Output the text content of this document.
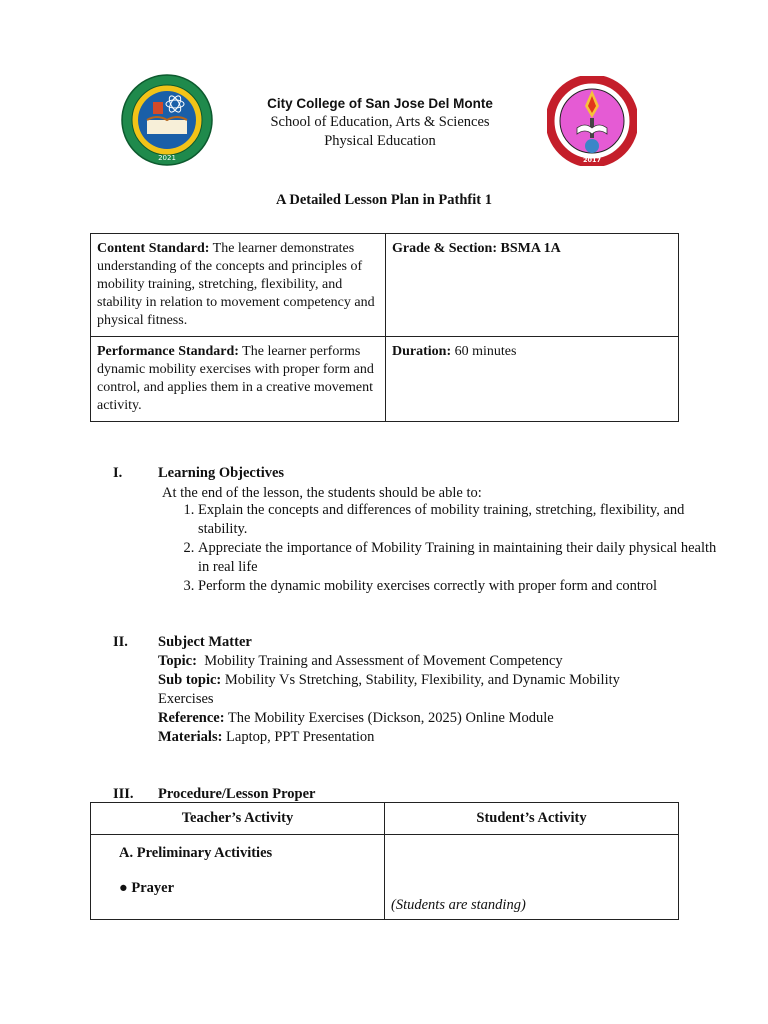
2021	2017
City College of San Jose Del Monte
School of Education, Arts & Sciences
Physical Education
A Detailed Lesson Plan in Pathfit 1
Content Standard: The learner demonstrates understanding of the concepts and principles of mobility training, stretching, flexibility, and stability in relation to movement competency and physical fitness.	Grade & Section: BSMA 1A
Performance Standard: The learner performs dynamic mobility exercises with proper form and control, and applies them in a creative movement activity.	Duration: 60 minutes
I. Learning Objectives
At the end of the lesson, the students should be able to:
1. Explain the concepts and differences of mobility training, stretching, flexibility, and stability.
2. Appreciate the importance of Mobility Training in maintaining their daily physical health in real life
3. Perform the dynamic mobility exercises correctly with proper form and control
II. Subject Matter
Topic: Mobility Training and Assessment of Movement Competency
Sub topic: Mobility Vs Stretching, Stability, Flexibility, and Dynamic Mobility Exercises
Reference: The Mobility Exercises (Dickson, 2025) Online Module
Materials: Laptop, PPT Presentation
III. Procedure/Lesson Proper
Teacher’s Activity	Student’s Activity

A. Preliminary Activities
● Prayer	(Students are standing)
